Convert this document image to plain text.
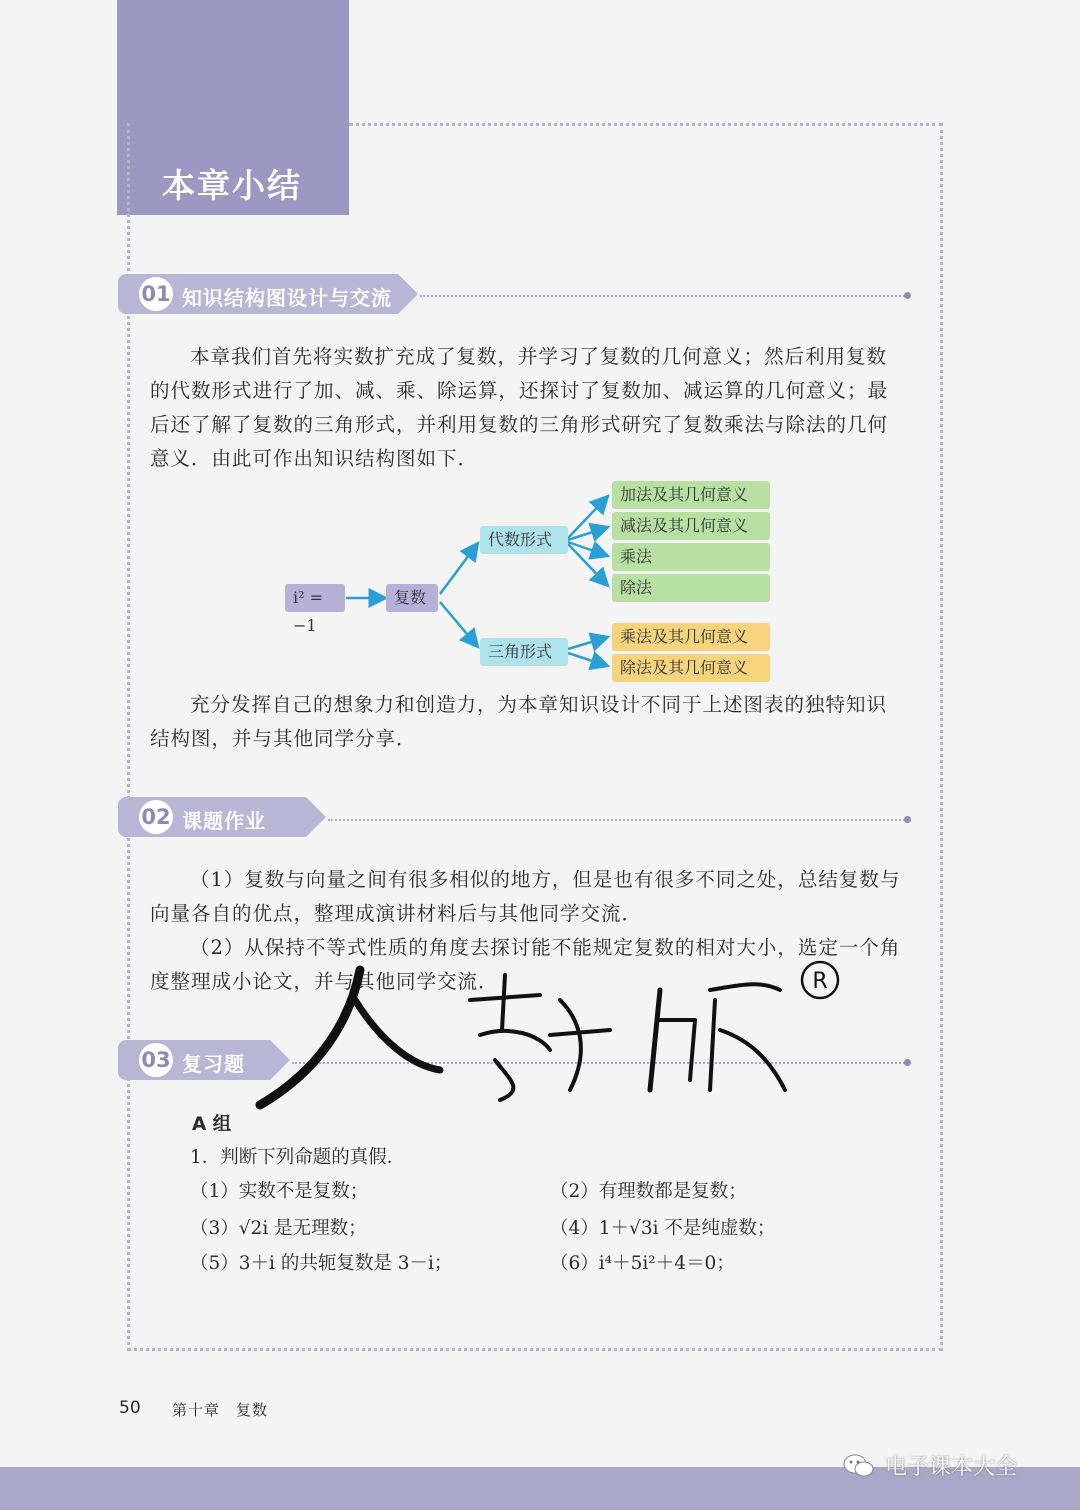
本章小结
01 知识结构图设计与交流
本章我们首先将实数扩充成了复数，并学习了复数的几何意义；然后利用复数
的代数形式进行了加、减、乘、除运算，还探讨了复数加、减运算的几何意义；最
后还了解了复数的三角形式，并利用复数的三角形式研究了复数乘法与除法的几何
意义．由此可作出知识结构图如下．
i² = −1
复数
代数形式
三角形式
加法及其几何意义
减法及其几何意义
乘法
除法
乘法及其几何意义
除法及其几何意义
充分发挥自己的想象力和创造力，为本章知识设计不同于上述图表的独特知识
结构图，并与其他同学分享．
02 课题作业
（1）复数与向量之间有很多相似的地方，但是也有很多不同之处，总结复数与
向量各自的优点，整理成演讲材料后与其他同学交流．
（2）从保持不等式性质的角度去探讨能不能规定复数的相对大小，选定一个角
度整理成小论文，并与其他同学交流．
03 复习题
A 组
1．判断下列命题的真假．
（1）实数不是复数；	（2）有理数都是复数；
（3）√2i 是无理数；	（4）1＋√3i 不是纯虚数；
（5）3＋i 的共轭复数是 3－i；	（6）i⁴＋5i²＋4＝0；
R
50 第十章　复数
电子课本大全
